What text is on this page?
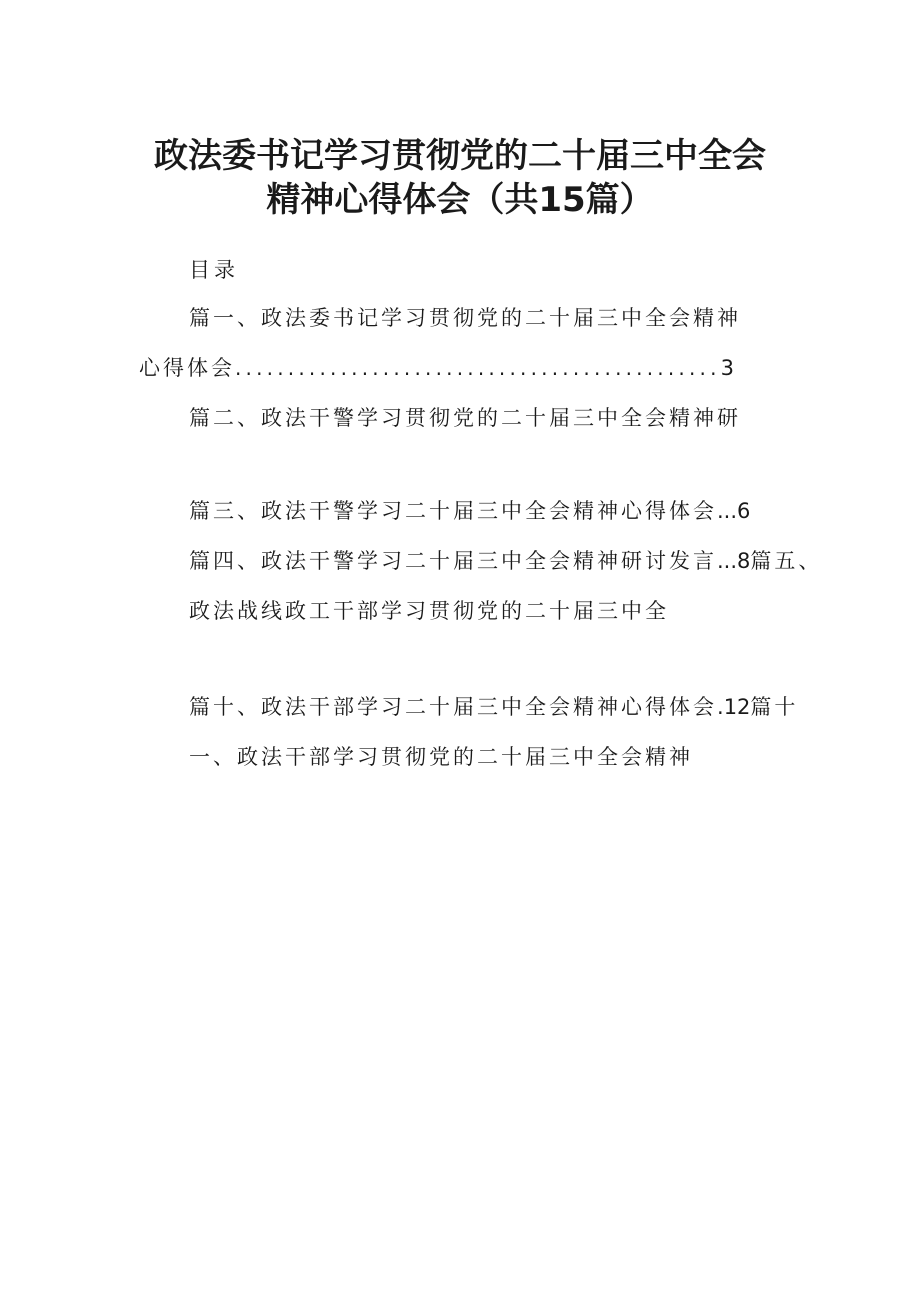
政法委书记学习贯彻党的二十届三中全会
精神心得体会（共15篇）
目录
篇一、政法委书记学习贯彻党的二十届三中全会精神
心得体会..............................................3
篇二、政法干警学习贯彻党的二十届三中全会精神研
篇三、政法干警学习二十届三中全会精神心得体会...6
篇四、政法干警学习二十届三中全会精神研讨发言...8篇五、
政法战线政工干部学习贯彻党的二十届三中全
篇十、政法干部学习二十届三中全会精神心得体会.12篇十
一、政法干部学习贯彻党的二十届三中全会精神
